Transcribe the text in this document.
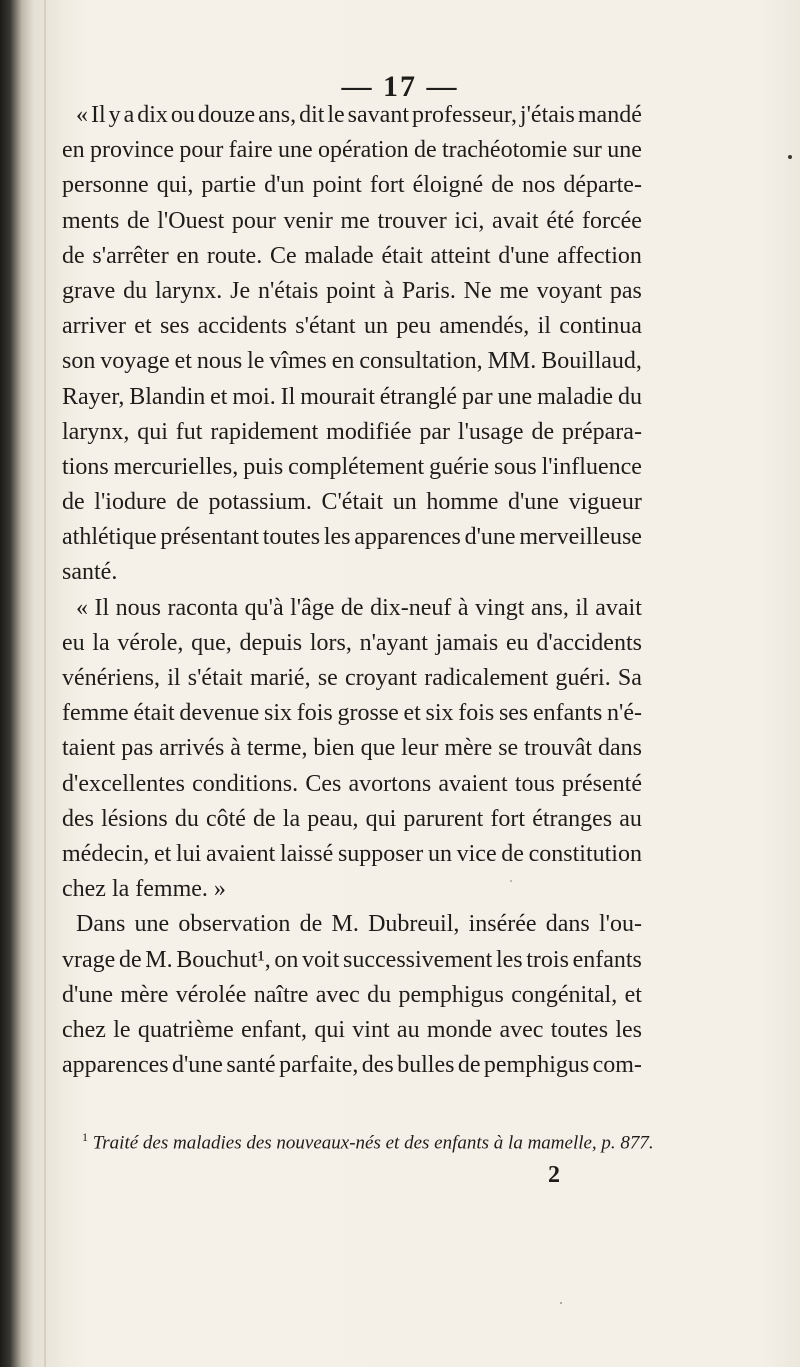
— 17 —
« Il y a dix ou douze ans, dit le savant professeur, j'étais mandé
en province pour faire une opération de trachéotomie sur une
personne qui, partie d'un point fort éloigné de nos départe-
ments de l'Ouest pour venir me trouver ici, avait été forcée
de s'arrêter en route. Ce malade était atteint d'une affection
grave du larynx. Je n'étais point à Paris. Ne me voyant pas
arriver et ses accidents s'étant un peu amendés, il continua
son voyage et nous le vîmes en consultation, MM. Bouillaud,
Rayer, Blandin et moi. Il mourait étranglé par une maladie du
larynx, qui fut rapidement modifiée par l'usage de prépara-
tions mercurielles, puis complétement guérie sous l'influence
de l'iodure de potassium. C'était un homme d'une vigueur
athlétique présentant toutes les apparences d'une merveilleuse
santé.
« Il nous raconta qu'à l'âge de dix-neuf à vingt ans, il avait
eu la vérole, que, depuis lors, n'ayant jamais eu d'accidents
vénériens, il s'était marié, se croyant radicalement guéri. Sa
femme était devenue six fois grosse et six fois ses enfants n'é-
taient pas arrivés à terme, bien que leur mère se trouvât dans
d'excellentes conditions. Ces avortons avaient tous présenté
des lésions du côté de la peau, qui parurent fort étranges au
médecin, et lui avaient laissé supposer un vice de constitution
chez la femme. »
Dans une observation de M. Dubreuil, insérée dans l'ou-
vrage de M. Bouchut¹, on voit successivement les trois enfants
d'une mère vérolée naître avec du pemphigus congénital, et
chez le quatrième enfant, qui vint au monde avec toutes les
apparences d'une santé parfaite, des bulles de pemphigus com-
$^1$ Traité des maladies des nouveaux-nés et des enfants à la mamelle, p. 877.
2
